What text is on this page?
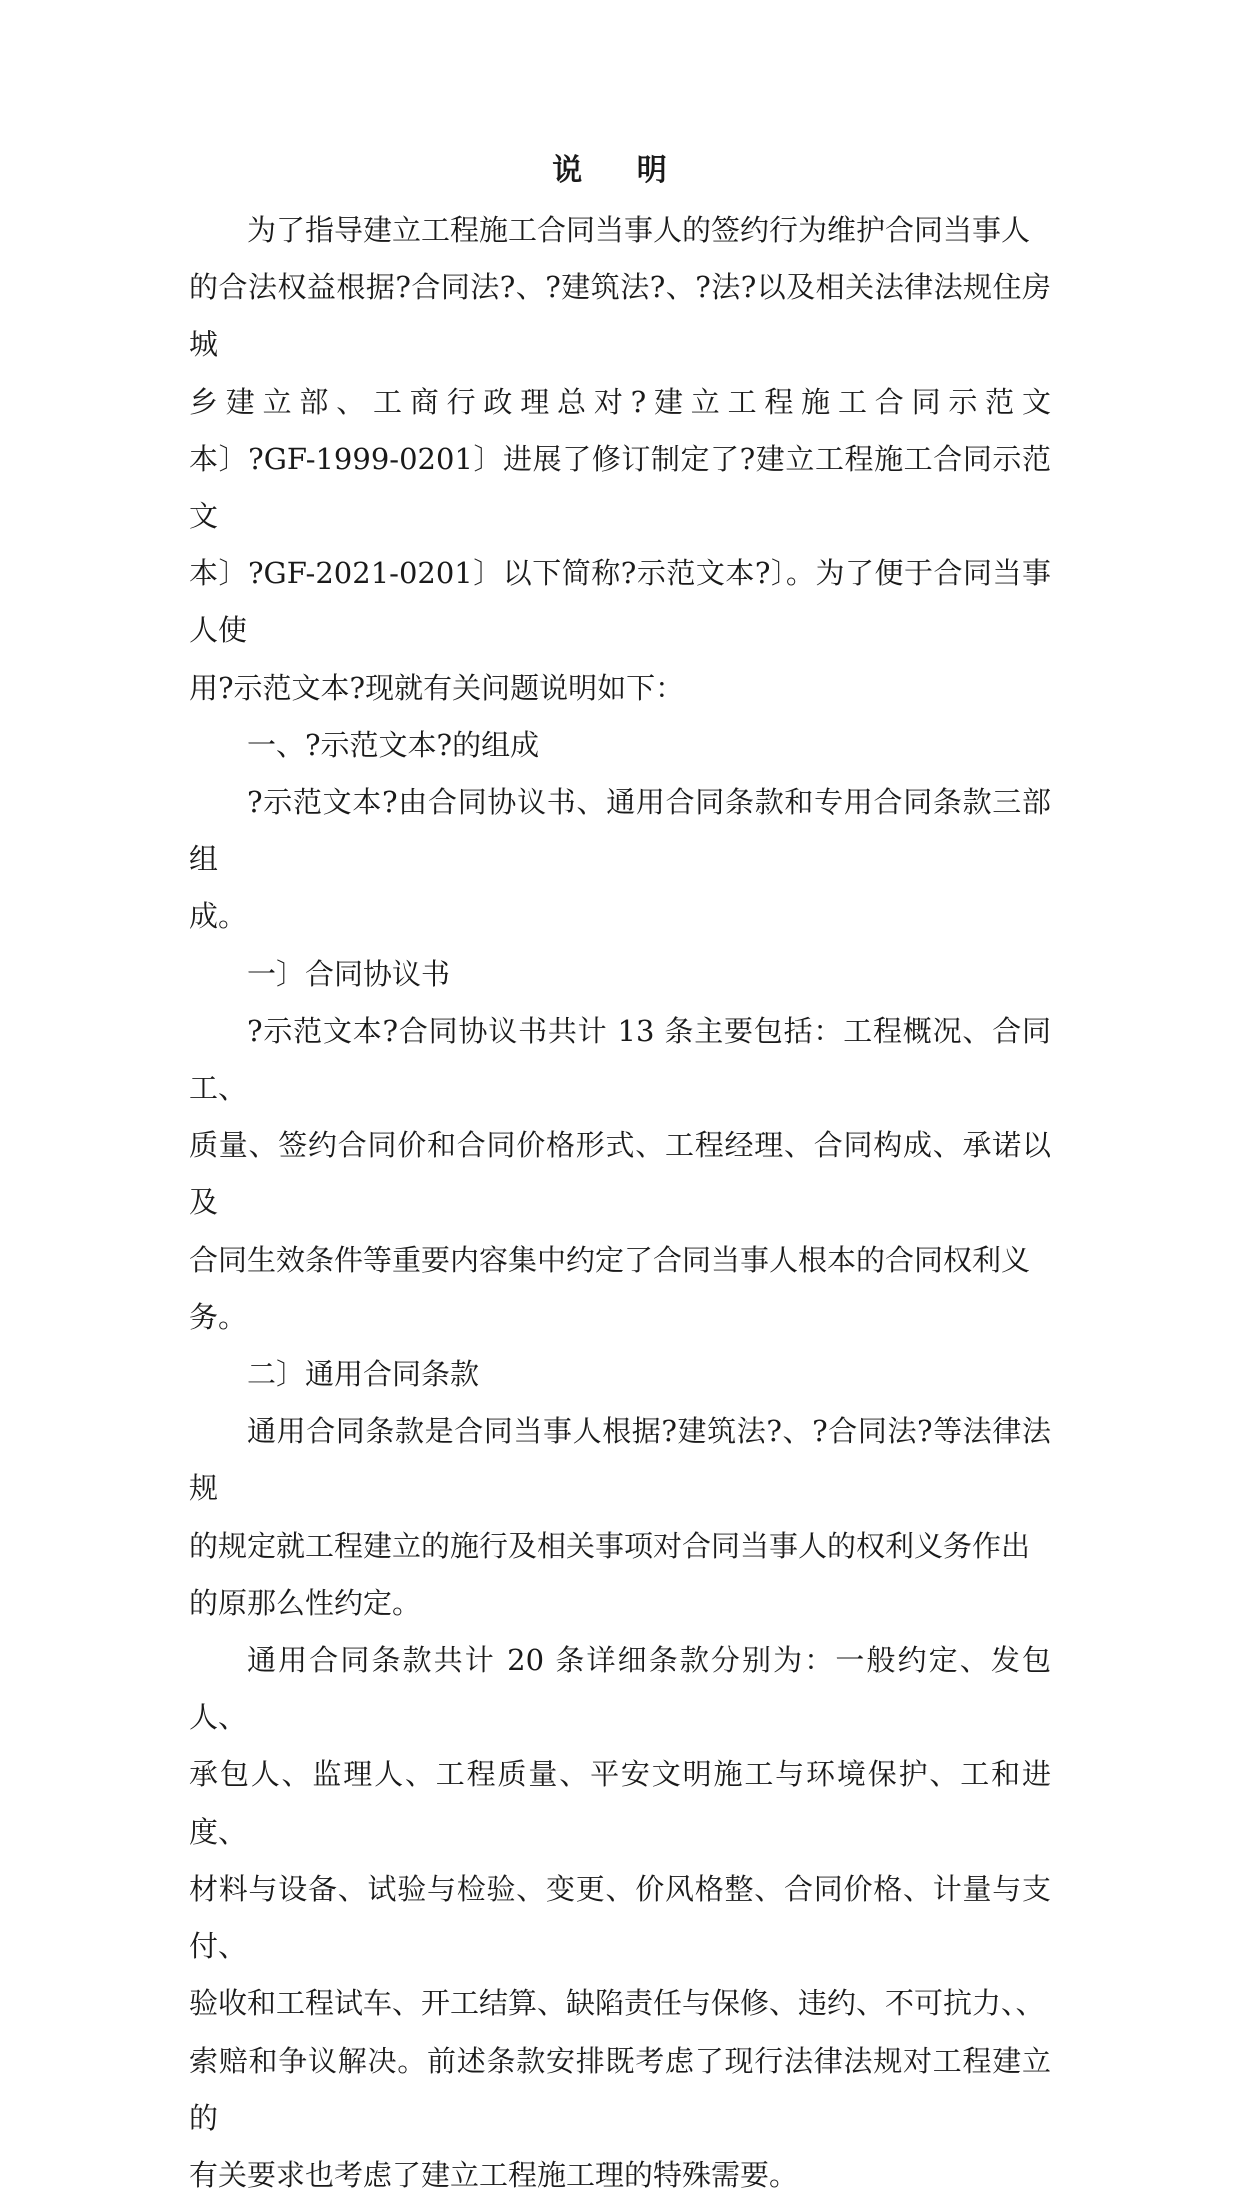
说 明

为了指导建立工程施工合同当事人的签约行为维护合同当事人
的合法权益根据?合同法?、?建筑法?、?法?以及相关法律法规住房城
乡建立部、工商行政理总对?建立工程施工合同示范文
本〕?GF-1999-0201〕进展了修订制定了?建立工程施工合同示范文
本〕?GF-2021-0201〕以下简称?示范文本?〕。为了便于合同当事人使
用?示范文本?现就有关问题说明如下：

一、?示范文本?的组成

?示范文本?由合同协议书、通用合同条款和专用合同条款三部组
成。

一〕合同协议书

?示范文本?合同协议书共计 13 条主要包括：工程概况、合同工、
质量、签约合同价和合同价格形式、工程经理、合同构成、承诺以及
合同生效条件等重要内容集中约定了合同当事人根本的合同权利义
务。

二〕通用合同条款

通用合同条款是合同当事人根据?建筑法?、?合同法?等法律法规
的规定就工程建立的施行及相关事项对合同当事人的权利义务作出
的原那么性约定。

通用合同条款共计 20 条详细条款分别为：一般约定、发包人、
承包人、监理人、工程质量、平安文明施工与环境保护、工和进度、
材料与设备、试验与检验、变更、价风格整、合同价格、计量与支付、
验收和工程试车、开工结算、缺陷责任与保修、违约、不可抗力、、
索赔和争议解决。前述条款安排既考虑了现行法律法规对工程建立的
有关要求也考虑了建立工程施工理的特殊需要。
